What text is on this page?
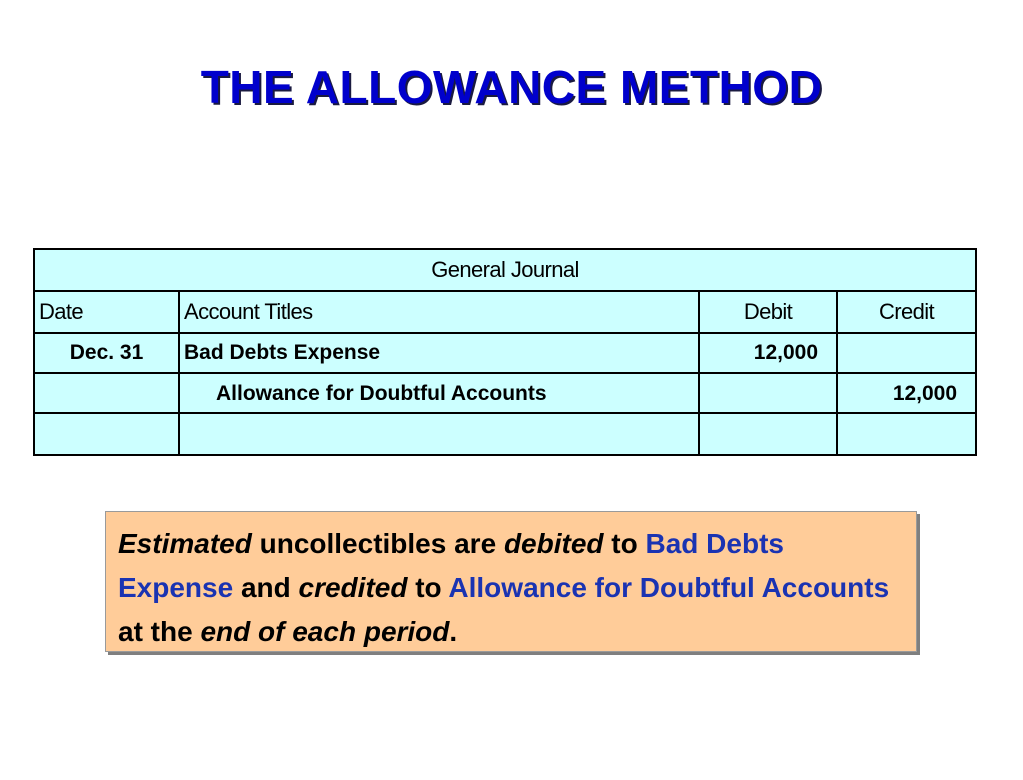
THE ALLOWANCE METHOD
General Journal			
Date	Account Titles	Debit	Credit
Dec. 31	Bad Debts Expense	12,000	
	Allowance for Doubtful Accounts		12,000

Estimated uncollectibles are debited to Bad Debts Expense and credited to Allowance for Doubtful Accounts at the end of each period.
